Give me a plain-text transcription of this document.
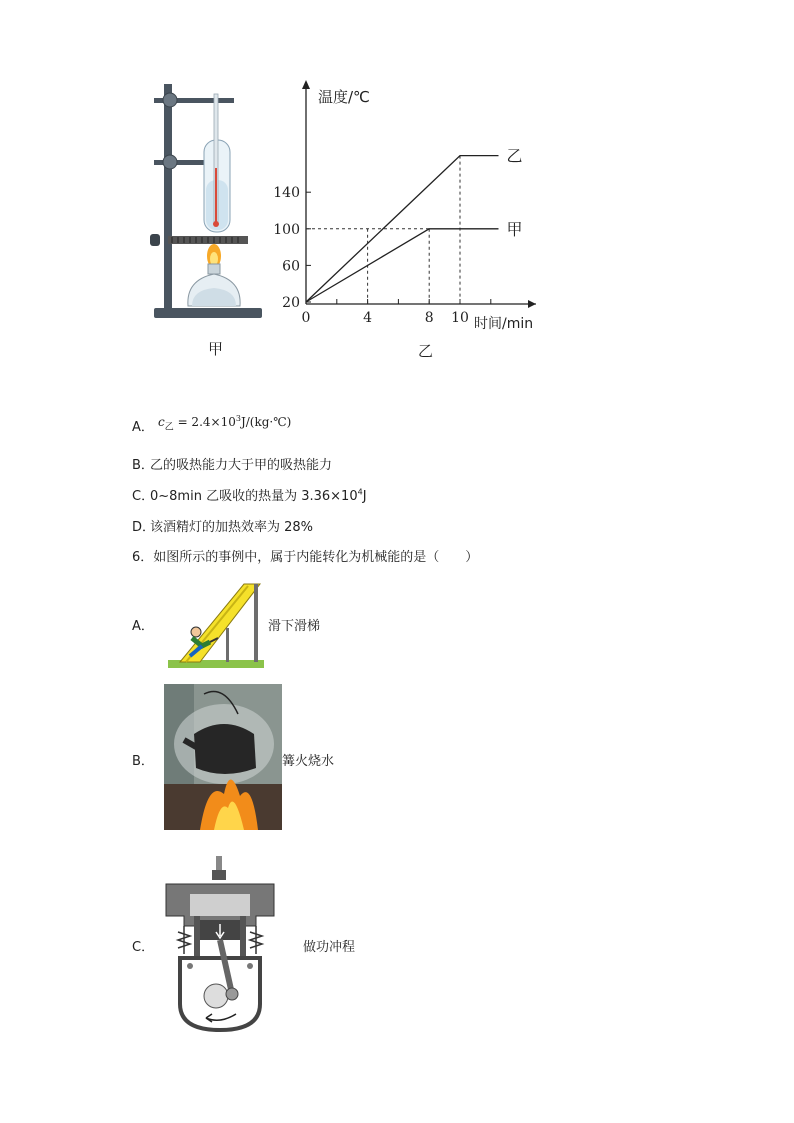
甲
0	4	8 10
20
60
100
140
温度/℃
时间/min
乙
甲
乙
A． $c_乙$ = $2.4\times 10^3J/(kg\cdot℃)$
B．
乙的吸热能力大于甲的吸热能力
C．
0~8min 乙吸收的热量为 $3.36\times 10^4J$
D．
该酒精灯的加热效率为 28%
6．如图所示的事例中，属于内能转化为机械能的是（　　）
A．	滑下滑梯
B．	篝火烧水
C．	做功冲程
